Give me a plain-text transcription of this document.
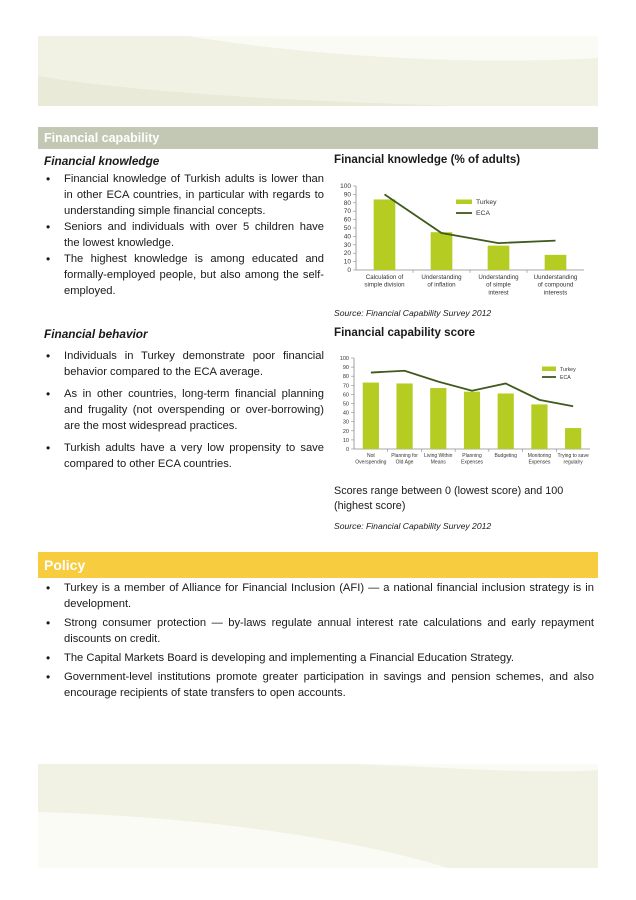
Financial capability
Financial knowledge
• Financial knowledge of Turkish adults is lower than in other ECA countries, in particular with regards to understanding simple financial concepts.
• Seniors and individuals with over 5 children have the lowest knowledge.
• The highest knowledge is among educated and formally-employed people, but also among the self-employed.
Financial behavior
• Individuals in Turkey demonstrate poor financial behavior compared to the ECA average.
• As in other countries, long-term financial planning and frugality (not overspending or over-borrowing) are the most widespread practices.
• Turkish adults have a very low propensity to save compared to other ECA countries.
Financial knowledge (% of adults)
0
10
20
30
40
50
60
70
80
90
100
Calculation of simple division
Understanding of inflation
Understanding of simple interest
Uunderstanding of compound interests
Turkey
ECA
Source: Financial Capability Survey 2012
Financial capability score
0
10
20
30
40
50
60
70
80
90
100
Not Overspending
Planning for Old Age
Living Within Means
Planning Expenses
Budgeting Monitoring Expenses
Trying to save regulalry
Turkey
ECA
Scores range between 0 (lowest score) and 100 (highest score)
Source: Financial Capability Survey 2012
Policy
• Turkey is a member of Alliance for Financial Inclusion (AFI) — a national financial inclusion strategy is in development.
• Strong consumer protection — by-laws regulate annual interest rate calculations and early repayment discounts on credit.
• The Capital Markets Board is developing and implementing a Financial Education Strategy.
• Government-level institutions promote greater participation in savings and pension schemes, and also encourage recipients of state transfers to open accounts.
